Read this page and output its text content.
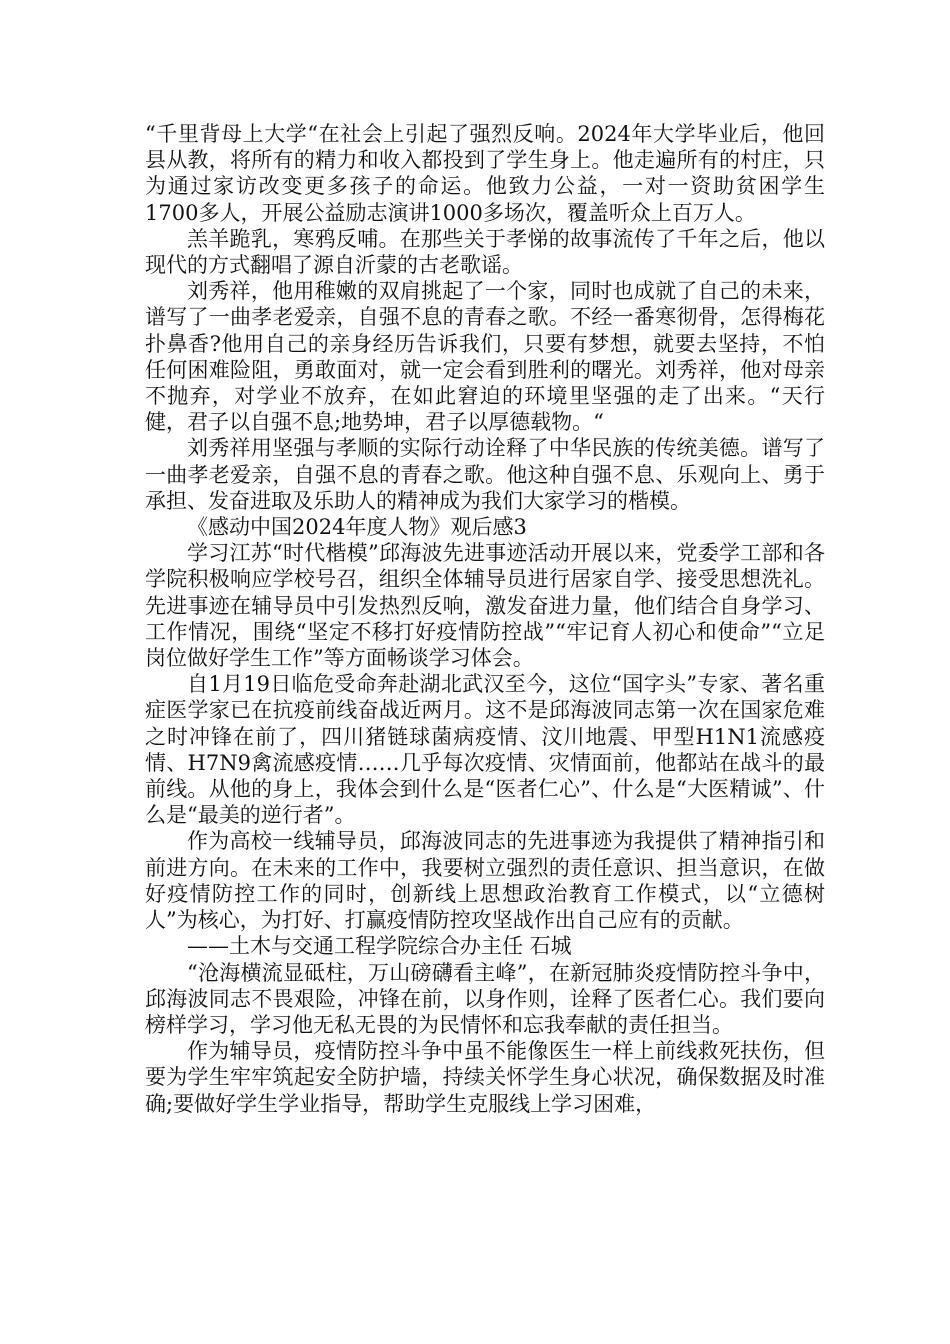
“千里背母上大学“在社会上引起了强烈反响。2024年大学毕业后，他回县从教，将所有的精力和收入都投到了学生身上。他走遍所有的村庄，只为通过家访改变更多孩子的命运。他致力公益，一对一资助贫困学生1700多人，开展公益励志演讲1000多场次，覆盖听众上百万人。

羔羊跪乳，寒鸦反哺。在那些关于孝悌的故事流传了千年之后，他以现代的方式翻唱了源自沂蒙的古老歌谣。

刘秀祥，他用稚嫩的双肩挑起了一个家，同时也成就了自己的未来，谱写了一曲孝老爱亲，自强不息的青春之歌。不经一番寒彻骨，怎得梅花扑鼻香?他用自己的亲身经历告诉我们，只要有梦想，就要去坚持，不怕任何困难险阻，勇敢面对，就一定会看到胜利的曙光。刘秀祥，他对母亲不抛弃，对学业不放弃，在如此窘迫的环境里坚强的走了出来。“天行健，君子以自强不息;地势坤，君子以厚德载物。“

刘秀祥用坚强与孝顺的实际行动诠释了中华民族的传统美德。谱写了一曲孝老爱亲，自强不息的青春之歌。他这种自强不息、乐观向上、勇于承担、发奋进取及乐助人的精神成为我们大家学习的楷模。

《感动中国2024年度人物》观后感3

学习江苏“时代楷模”邱海波先进事迹活动开展以来，党委学工部和各学院积极响应学校号召，组织全体辅导员进行居家自学、接受思想洗礼。先进事迹在辅导员中引发热烈反响，激发奋进力量，他们结合自身学习、工作情况，围绕“坚定不移打好疫情防控战”“牢记育人初心和使命”“立足岗位做好学生工作”等方面畅谈学习体会。

自1月19日临危受命奔赴湖北武汉至今，这位“国字头”专家、著名重症医学家已在抗疫前线奋战近两月。这不是邱海波同志第一次在国家危难之时冲锋在前了，四川猪链球菌病疫情、汶川地震、甲型H1N1流感疫情、H7N9禽流感疫情……几乎每次疫情、灾情面前，他都站在战斗的最前线。从他的身上，我体会到什么是“医者仁心”、什么是“大医精诚”、什么是“最美的逆行者”。

作为高校一线辅导员，邱海波同志的先进事迹为我提供了精神指引和前进方向。在未来的工作中，我要树立强烈的责任意识、担当意识，在做好疫情防控工作的同时，创新线上思想政治教育工作模式，以“立德树人”为核心，为打好、打赢疫情防控攻坚战作出自己应有的贡献。

——土木与交通工程学院综合办主任 石城

“沧海横流显砥柱，万山磅礴看主峰”，在新冠肺炎疫情防控斗争中，邱海波同志不畏艰险，冲锋在前，以身作则，诠释了医者仁心。我们要向榜样学习，学习他无私无畏的为民情怀和忘我奉献的责任担当。

作为辅导员，疫情防控斗争中虽不能像医生一样上前线救死扶伤，但要为学生牢牢筑起安全防护墙，持续关怀学生身心状况，确保数据及时准确;要做好学生学业指导，帮助学生克服线上学习困难，
